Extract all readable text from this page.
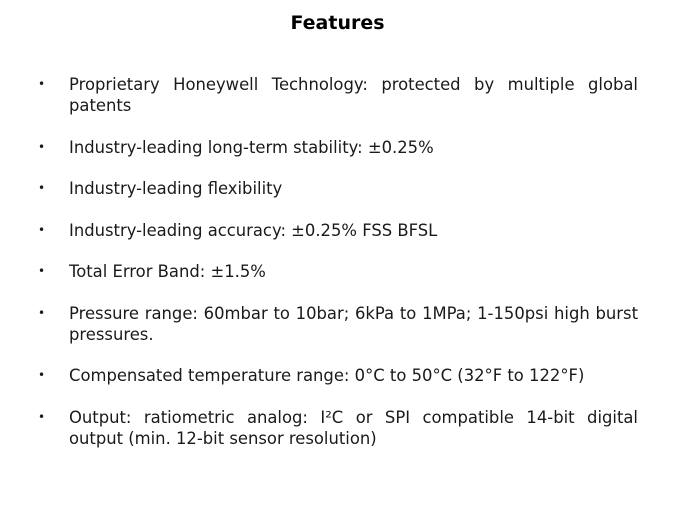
Features
•	Proprietary Honeywell Technology: protected by multiple global patents
•	Industry-leading long-term stability: ±0.25%
•	Industry-leading flexibility
•	Industry-leading accuracy: ±0.25% FSS BFSL
•	Total Error Band: ±1.5%
•	Pressure range: 60mbar to 10bar; 6kPa to 1MPa; 1-150psi high burst pressures.
•	Compensated temperature range: 0°C to 50°C (32°F to 122°F)
•	Output: ratiometric analog: I²C or SPI compatible 14-bit digital output (min. 12-bit sensor resolution)
